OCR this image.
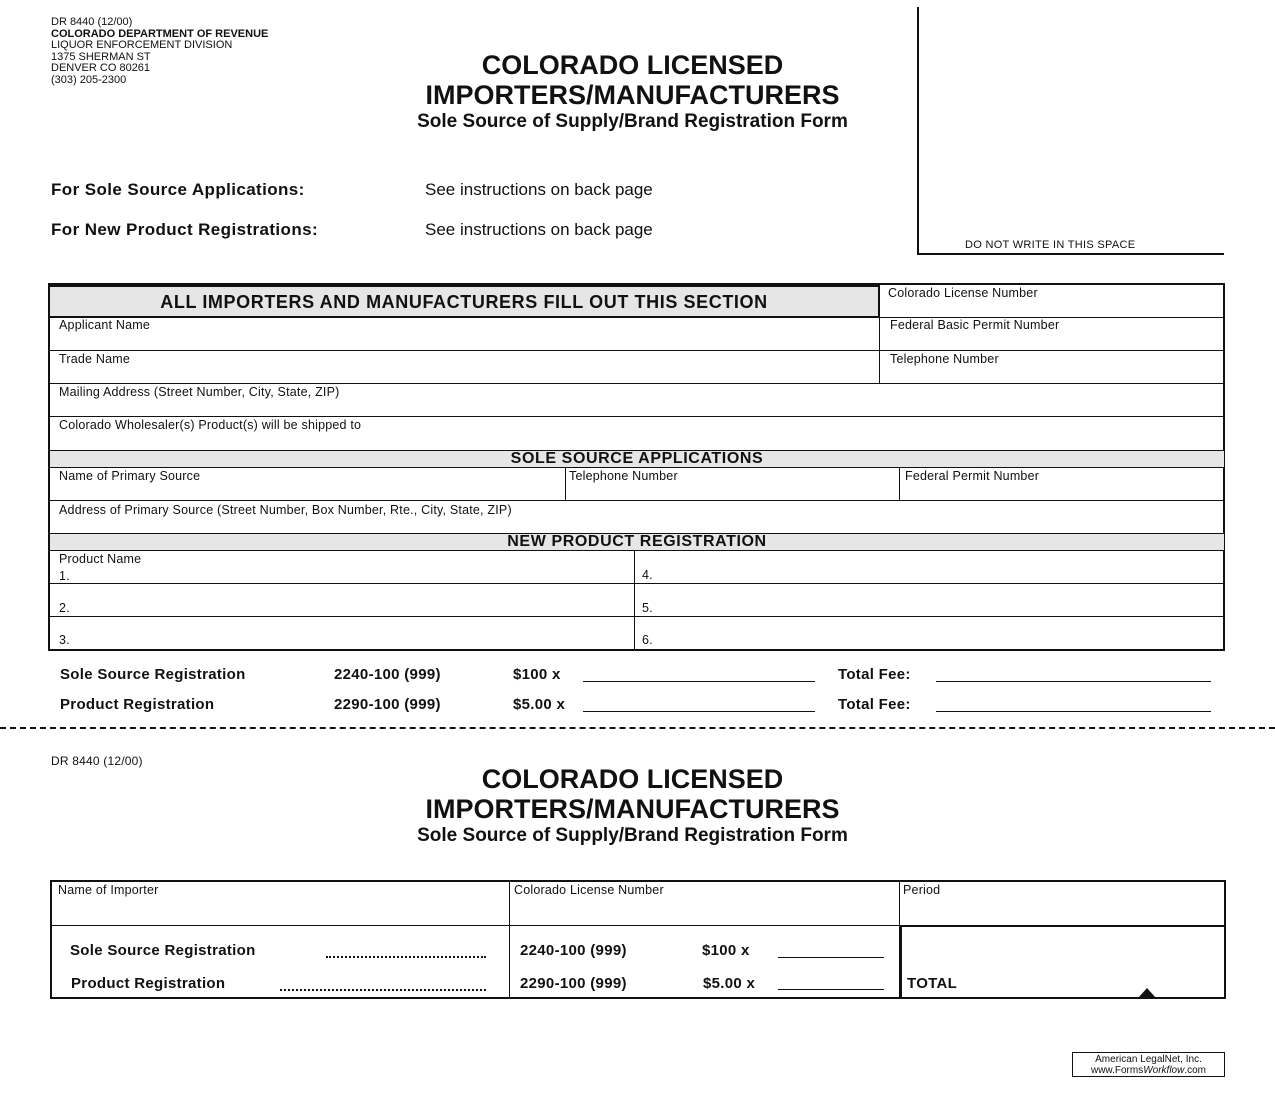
DR 8440 (12/00)
COLORADO DEPARTMENT OF REVENUE
LIQUOR ENFORCEMENT DIVISION
1375 SHERMAN ST
DENVER CO 80261
(303) 205-2300	COLORADO LICENSED
IMPORTERS/MANUFACTURERS
Sole Source of Supply/Brand Registration Form
For Sole Source Applications:	See instructions on back page
For New Product Registrations:	See instructions on back page
DO NOT WRITE IN THIS SPACE
ALL IMPORTERS AND MANUFACTURERS FILL OUT THIS SECTION	Colorado License Number
Applicant Name	Federal Basic Permit Number
Trade Name	Telephone Number
Mailing Address (Street Number, City, State, ZIP)
Colorado Wholesaler(s) Product(s) will be shipped to
SOLE SOURCE APPLICATIONS
Name of Primary Source	Telephone Number	Federal Permit Number
Address of Primary Source (Street Number, Box Number, Rte., City, State, ZIP)
NEW PRODUCT REGISTRATION
Product Name
1.	4.
2.	5.
3.	6.
Sole Source Registration	2240-100 (999)	$100 x	Total Fee:
Product Registration	2290-100 (999)	$5.00 x	Total Fee:
DR 8440 (12/00)
COLORADO LICENSED
IMPORTERS/MANUFACTURERS
Sole Source of Supply/Brand Registration Form
Name of Importer	Colorado License Number	Period
Sole Source Registration	2240-100 (999)	$100 x
Product Registration	2290-100 (999)	$5.00 x	TOTAL
American LegalNet, Inc.
www.FormsWorkflow.com
